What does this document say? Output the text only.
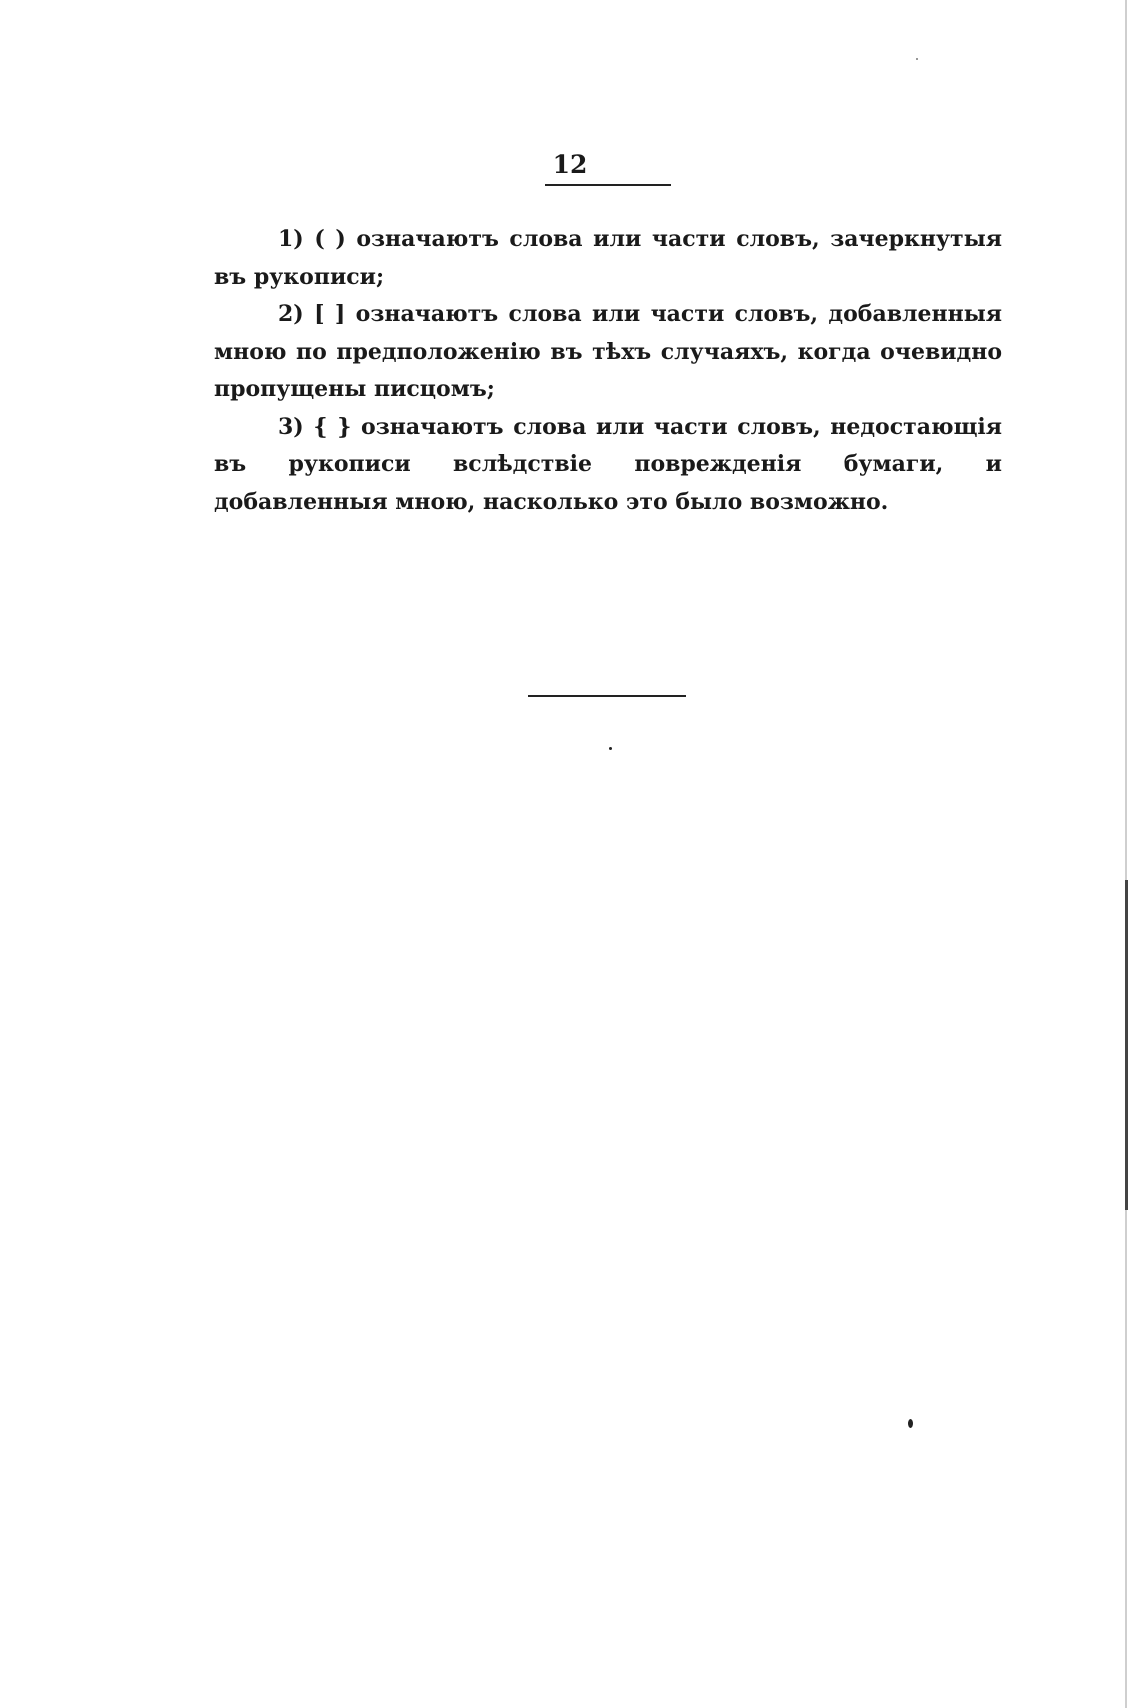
12

1) ( ) означаютъ слова или части словъ, зачеркнутыя въ рукописи;

2) [ ] означаютъ слова или части словъ, добавленныя мною по предположенію въ тѣхъ случаяхъ, когда очевидно пропущены писцомъ;

3) { } означаютъ слова или части словъ, недостающія въ рукописи вслѣдствіе поврежденія бумаги, и добавленныя мною, насколько это было возможно.
